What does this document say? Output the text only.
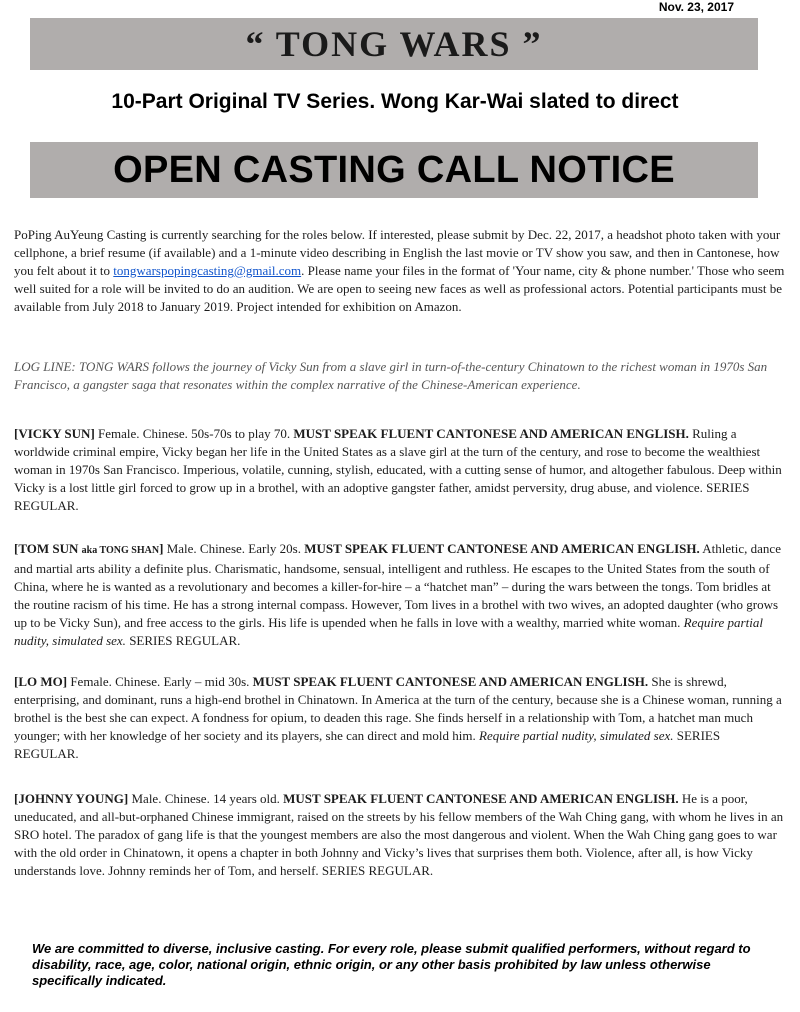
Nov. 23, 2017
“ TONG WARS ”
10-Part Original TV Series. Wong Kar-Wai slated to direct
OPEN CASTING CALL NOTICE
PoPing AuYeung Casting is currently searching for the roles below. If interested, please submit by Dec. 22, 2017, a headshot photo taken with your cellphone, a brief resume (if available) and a 1-minute video describing in English the last movie or TV show you saw, and then in Cantonese, how you felt about it to tongwarspopingcasting@gmail.com. Please name your files in the format of 'Your name, city & phone number.' Those who seem well suited for a role will be invited to do an audition. We are open to seeing new faces as well as professional actors. Potential participants must be available from July 2018 to January 2019. Project intended for exhibition on Amazon.
LOG LINE: TONG WARS follows the journey of Vicky Sun from a slave girl in turn-of-the-century Chinatown to the richest woman in 1970s San Francisco, a gangster saga that resonates within the complex narrative of the Chinese-American experience.

[VICKY SUN] Female. Chinese. 50s-70s to play 70. MUST SPEAK FLUENT CANTONESE AND AMERICAN ENGLISH. Ruling a worldwide criminal empire, Vicky began her life in the United States as a slave girl at the turn of the century, and rose to become the wealthiest woman in 1970s San Francisco. Imperious, volatile, cunning, stylish, educated, with a cutting sense of humor, and altogether fabulous. Deep within Vicky is a lost little girl forced to grow up in a brothel, with an adoptive gangster father, amidst perversity, drug abuse, and violence. SERIES REGULAR.

[TOM SUN aka TONG SHAN] Male. Chinese. Early 20s. MUST SPEAK FLUENT CANTONESE AND AMERICAN ENGLISH. Athletic, dance and martial arts ability a definite plus. Charismatic, handsome, sensual, intelligent and ruthless. He escapes to the United States from the south of China, where he is wanted as a revolutionary and becomes a killer-for-hire – a “hatchet man” – during the wars between the tongs. Tom bridles at the routine racism of his time. He has a strong internal compass. However, Tom lives in a brothel with two wives, an adopted daughter (who grows up to be Vicky Sun), and free access to the girls. His life is upended when he falls in love with a wealthy, married white woman. Require partial nudity, simulated sex. SERIES REGULAR.

[LO MO] Female. Chinese. Early – mid 30s. MUST SPEAK FLUENT CANTONESE AND AMERICAN ENGLISH. She is shrewd, enterprising, and dominant, runs a high-end brothel in Chinatown. In America at the turn of the century, because she is a Chinese woman, running a brothel is the best she can expect. A fondness for opium, to deaden this rage. She finds herself in a relationship with Tom, a hatchet man much younger; with her knowledge of her society and its players, she can direct and mold him. Require partial nudity, simulated sex. SERIES REGULAR.

[JOHNNY YOUNG] Male. Chinese. 14 years old. MUST SPEAK FLUENT CANTONESE AND AMERICAN ENGLISH. He is a poor, uneducated, and all-but-orphaned Chinese immigrant, raised on the streets by his fellow members of the Wah Ching gang, with whom he lives in an SRO hotel. The paradox of gang life is that the youngest members are also the most dangerous and violent. When the Wah Ching gang goes to war with the old order in Chinatown, it opens a chapter in both Johnny and Vicky’s lives that surprises them both. Violence, after all, is how Vicky understands love. Johnny reminds her of Tom, and herself. SERIES REGULAR.

We are committed to diverse, inclusive casting. For every role, please submit qualified performers, without regard to disability, race, age, color, national origin, ethnic origin, or any other basis prohibited by law unless otherwise specifically indicated.
